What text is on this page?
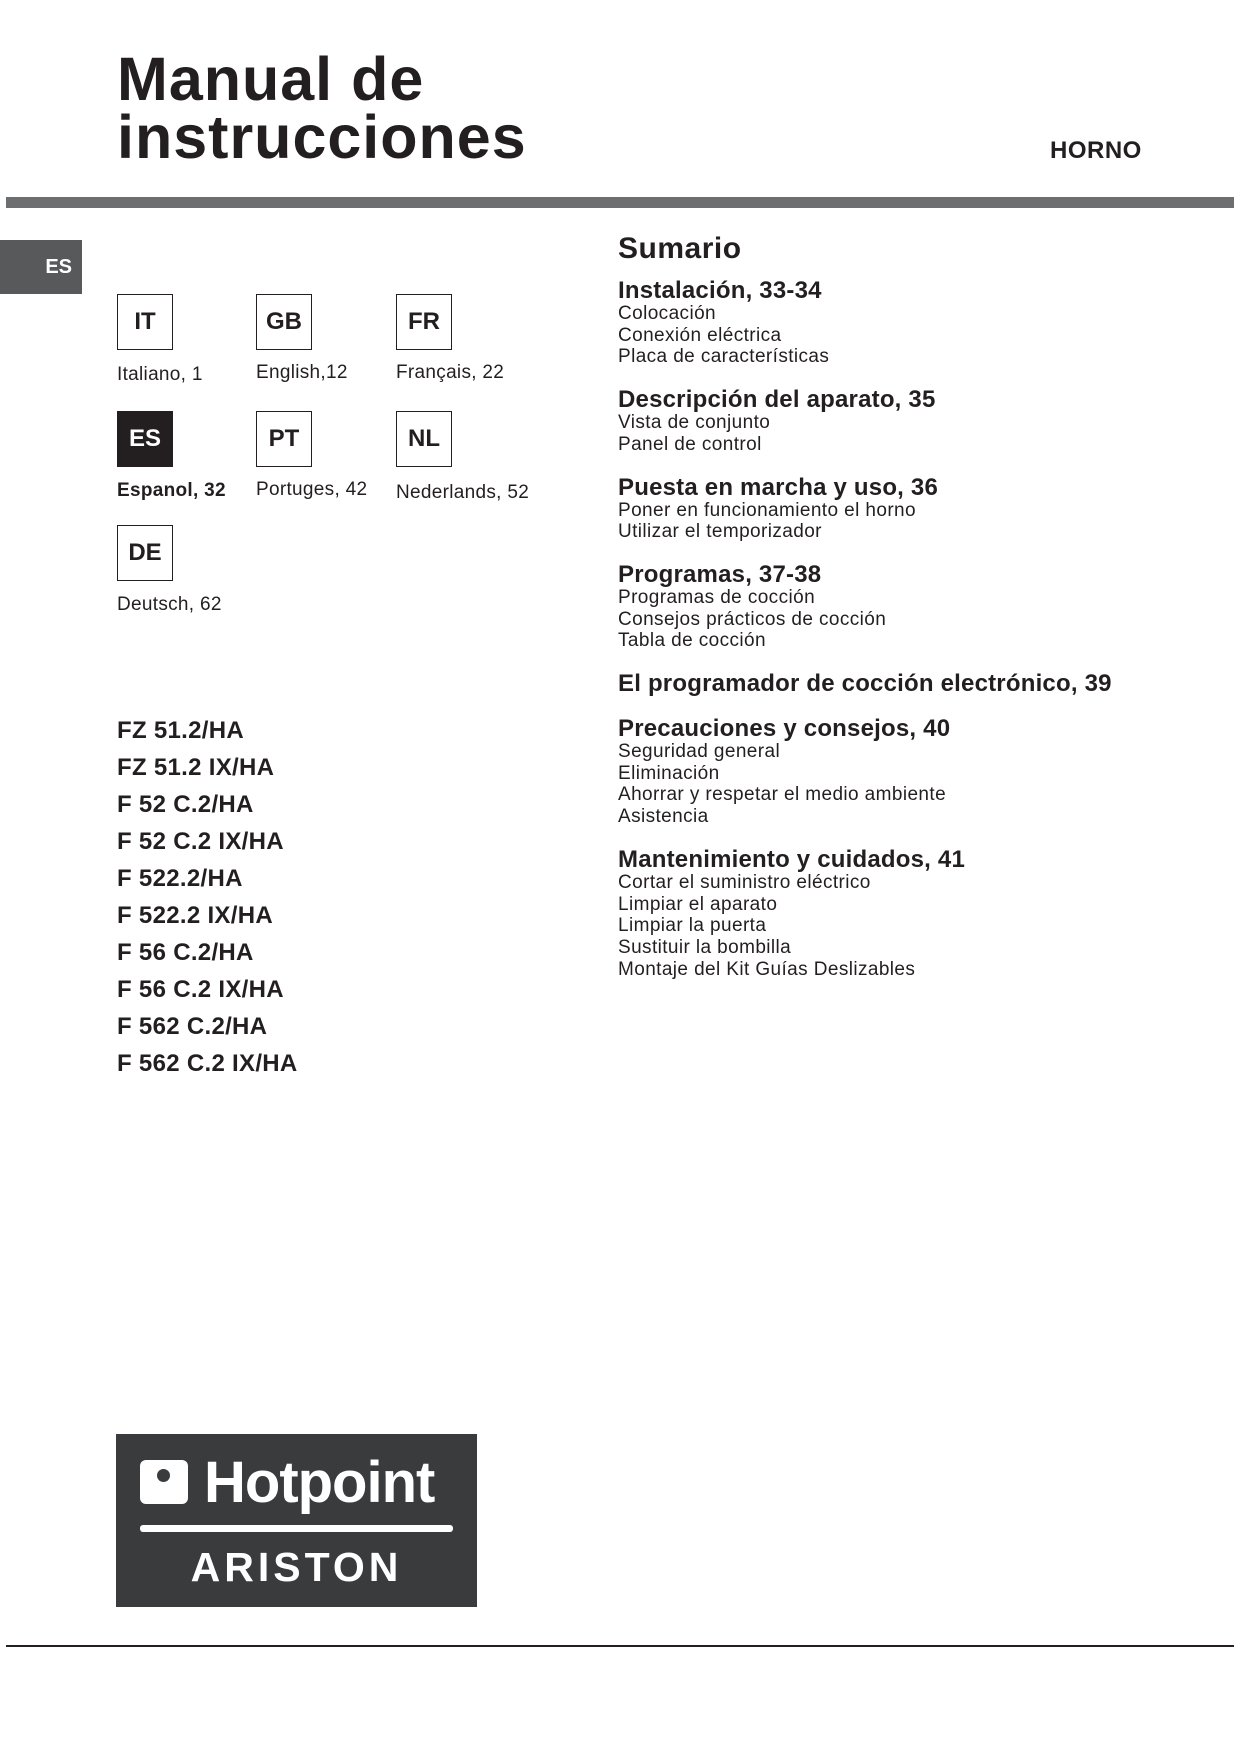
Manual de
instrucciones	HORNO
ES
IT
Italiano, 1
GB
English,12
FR
Français, 22
ES
Espanol, 32
PT
Portuges, 42
NL
Nederlands, 52
DE
Deutsch, 62
FZ 51.2/HA
FZ 51.2 IX/HA
F 52 C.2/HA
F 52 C.2 IX/HA
F 522.2/HA
F 522.2 IX/HA
F 56 C.2/HA
F 56 C.2 IX/HA
F 562 C.2/HA
F 562 C.2 IX/HA
Sumario
Instalación, 33-34
Colocación
Conexión eléctrica
Placa de características
Descripción del aparato, 35
Vista de conjunto
Panel de control
Puesta en marcha y uso, 36
Poner en funcionamiento el horno
Utilizar el temporizador
Programas, 37-38
Programas de cocción
Consejos prácticos de cocción
Tabla de cocción
El programador de cocción electrónico, 39
Precauciones y consejos, 40
Seguridad general
Eliminación
Ahorrar y respetar el medio ambiente
Asistencia
Mantenimiento y cuidados, 41
Cortar el suministro eléctrico
Limpiar el aparato
Limpiar la puerta
Sustituir la bombilla
Montaje del Kit Guías Deslizables
Hotpoint
ARISTON
